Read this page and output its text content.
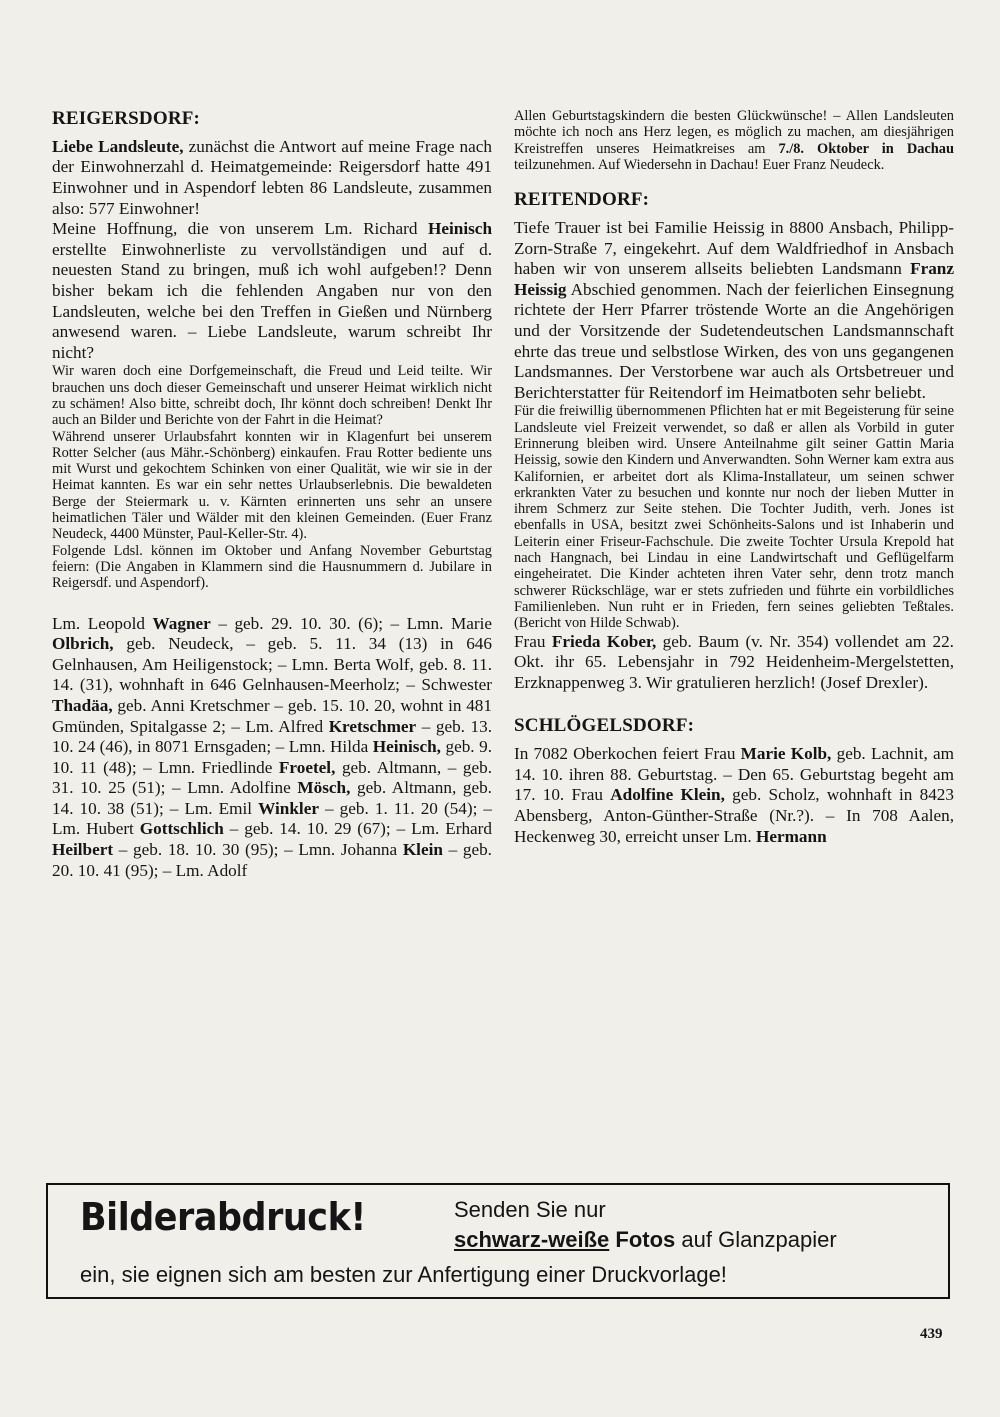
REIGERSDORF:

Liebe Landsleute, zunächst die Antwort auf meine Frage nach der Einwohnerzahl d. Heimatgemeinde: Reigersdorf hatte 491 Einwohner und in Aspendorf lebten 86 Landsleute, zusammen also: 577 Einwohner!

Meine Hoffnung, die von unserem Lm. Richard Heinisch erstellte Einwohnerliste zu vervollständigen und auf d. neuesten Stand zu bringen, muß ich wohl aufgeben!? Denn bisher bekam ich die fehlenden Angaben nur von den Landsleuten, welche bei den Treffen in Gießen und Nürnberg anwesend waren. – Liebe Landsleute, warum schreibt Ihr nicht?

Wir waren doch eine Dorfgemeinschaft, die Freud und Leid teilte. Wir brauchen uns doch dieser Gemeinschaft und unserer Heimat wirklich nicht zu schämen! Also bitte, schreibt doch, Ihr könnt doch schreiben! Denkt Ihr auch an Bilder und Berichte von der Fahrt in die Heimat?

Während unserer Urlaubsfahrt konnten wir in Klagenfurt bei unserem Rotter Selcher (aus Mähr.-Schönberg) einkaufen. Frau Rotter bediente uns mit Wurst und gekochtem Schinken von einer Qualität, wie wir sie in der Heimat kannten. Es war ein sehr nettes Urlaubserlebnis. Die bewaldeten Berge der Steiermark u. v. Kärnten erinnerten uns sehr an unsere heimatlichen Täler und Wälder mit den kleinen Gemeinden. (Euer Franz Neudeck, 4400 Münster, Paul-Keller-Str. 4).

Folgende Ldsl. können im Oktober und Anfang November Geburtstag feiern: (Die Angaben in Klammern sind die Hausnummern d. Jubilare in Reigersdf. und Aspendorf).

Lm. Leopold Wagner – geb. 29. 10. 30. (6); – Lmn. Marie Olbrich, geb. Neudeck, – geb. 5. 11. 34 (13) in 646 Gelnhausen, Am Heiligenstock; – Lmn. Berta Wolf, geb. 8. 11. 14. (31), wohnhaft in 646 Gelnhausen-Meerholz; – Schwester Thadäa, geb. Anni Kretschmer – geb. 15. 10. 20, wohnt in 481 Gmünden, Spitalgasse 2; – Lm. Alfred Kretschmer – geb. 13. 10. 24 (46), in 8071 Ernsgaden; – Lmn. Hilda Heinisch, geb. 9. 10. 11 (48); – Lmn. Friedlinde Froetel, geb. Altmann, – geb. 31. 10. 25 (51); – Lmn. Adolfine Mösch, geb. Altmann, geb. 14. 10. 38 (51); – Lm. Emil Winkler – geb. 1. 11. 20 (54); – Lm. Hubert Gottschlich – geb. 14. 10. 29 (67); – Lm. Erhard Heilbert – geb. 18. 10. 30 (95); – Lmn. Johanna Klein – geb. 20. 10. 41 (95); – Lm. Adolf

Allen Geburtstagskindern die besten Glückwünsche! – Allen Landsleuten möchte ich noch ans Herz legen, es möglich zu machen, am diesjährigen Kreistreffen unseres Heimatkreises am 7./8. Oktober in Dachau teilzunehmen. Auf Wiedersehn in Dachau! Euer Franz Neudeck.

REITENDORF:

Tiefe Trauer ist bei Familie Heissig in 8800 Ansbach, Philipp-Zorn-Straße 7, eingekehrt. Auf dem Waldfriedhof in Ansbach haben wir von unserem allseits beliebten Landsmann Franz Heissig Abschied genommen. Nach der feierlichen Einsegnung richtete der Herr Pfarrer tröstende Worte an die Angehörigen und der Vorsitzende der Sudetendeutschen Landsmannschaft ehrte das treue und selbstlose Wirken, des von uns gegangenen Landsmannes. Der Verstorbene war auch als Ortsbetreuer und Berichterstatter für Reitendorf im Heimatboten sehr beliebt.

Für die freiwillig übernommenen Pflichten hat er mit Begeisterung für seine Landsleute viel Freizeit verwendet, so daß er allen als Vorbild in guter Erinnerung bleiben wird. Unsere Anteilnahme gilt seiner Gattin Maria Heissig, sowie den Kindern und Anverwandten. Sohn Werner kam extra aus Kalifornien, er arbeitet dort als Klima-Installateur, um seinen schwer erkrankten Vater zu besuchen und konnte nur noch der lieben Mutter in ihrem Schmerz zur Seite stehen. Die Tochter Judith, verh. Jones ist ebenfalls in USA, besitzt zwei Schönheits-Salons und ist Inhaberin und Leiterin einer Friseur-Fachschule. Die zweite Tochter Ursula Krepold hat nach Hangnach, bei Lindau in eine Landwirtschaft und Geflügelfarm eingeheiratet. Die Kinder achteten ihren Vater sehr, denn trotz manch schwerer Rückschläge, war er stets zufrieden und führte ein vorbildliches Familienleben. Nun ruht er in Frieden, fern seines geliebten Teßtales. (Bericht von Hilde Schwab).

Frau Frieda Kober, geb. Baum (v. Nr. 354) vollendet am 22. Okt. ihr 65. Lebensjahr in 792 Heidenheim-Mergelstetten, Erzknappenweg 3. Wir gratulieren herzlich! (Josef Drexler).

SCHLÖGELSDORF:

In 7082 Oberkochen feiert Frau Marie Kolb, geb. Lachnit, am 14. 10. ihren 88. Geburtstag. – Den 65. Geburtstag begeht am 17. 10. Frau Adolfine Klein, geb. Scholz, wohnhaft in 8423 Abensberg, Anton-Günther-Straße (Nr.?). – In 708 Aalen, Heckenweg 30, erreicht unser Lm. Hermann

Bilderabdruck!	Senden Sie nur
schwarz-weiße Fotos auf Glanzpapier
ein, sie eignen sich am besten zur Anfertigung einer Druckvorlage!
439
